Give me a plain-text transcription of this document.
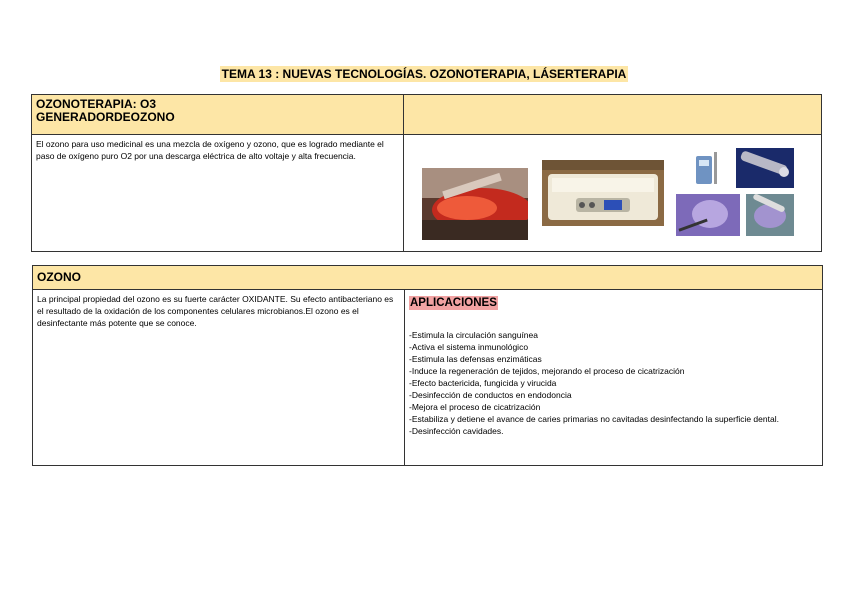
TEMA 13 : NUEVAS TECNOLOGÍAS. OZONOTERAPIA, LÁSERTERAPIA
OZONOTERAPIA: O3
GENERADORDEOZONO	

El ozono para uso medicinal es una mezcla de oxígeno y ozono, que es logrado mediante el paso de oxígeno puro O2 por una descarga eléctrica de alto voltaje y alta frecuencia.

OZONO

La principal propiedad del ozono es su fuerte carácter OXIDANTE. Su efecto antibacteriano es el resultado de la oxidación de los componentes celulares microbianos.El ozono es el desinfectante más potente que se conoce.
	APLICACIONES
-Estimula la circulación sanguínea
-Activa el sistema inmunológico
-Estimula las defensas enzimáticas
-Induce la regeneración de tejidos, mejorando el proceso de cicatrización
-Efecto bactericida, fungicida y virucida
-Desinfección de conductos en endodoncia
-Mejora el proceso de cicatrización
-Estabiliza y detiene el avance de caries primarias no cavitadas desinfectando la superficie dental.
-Desinfección cavidades.
